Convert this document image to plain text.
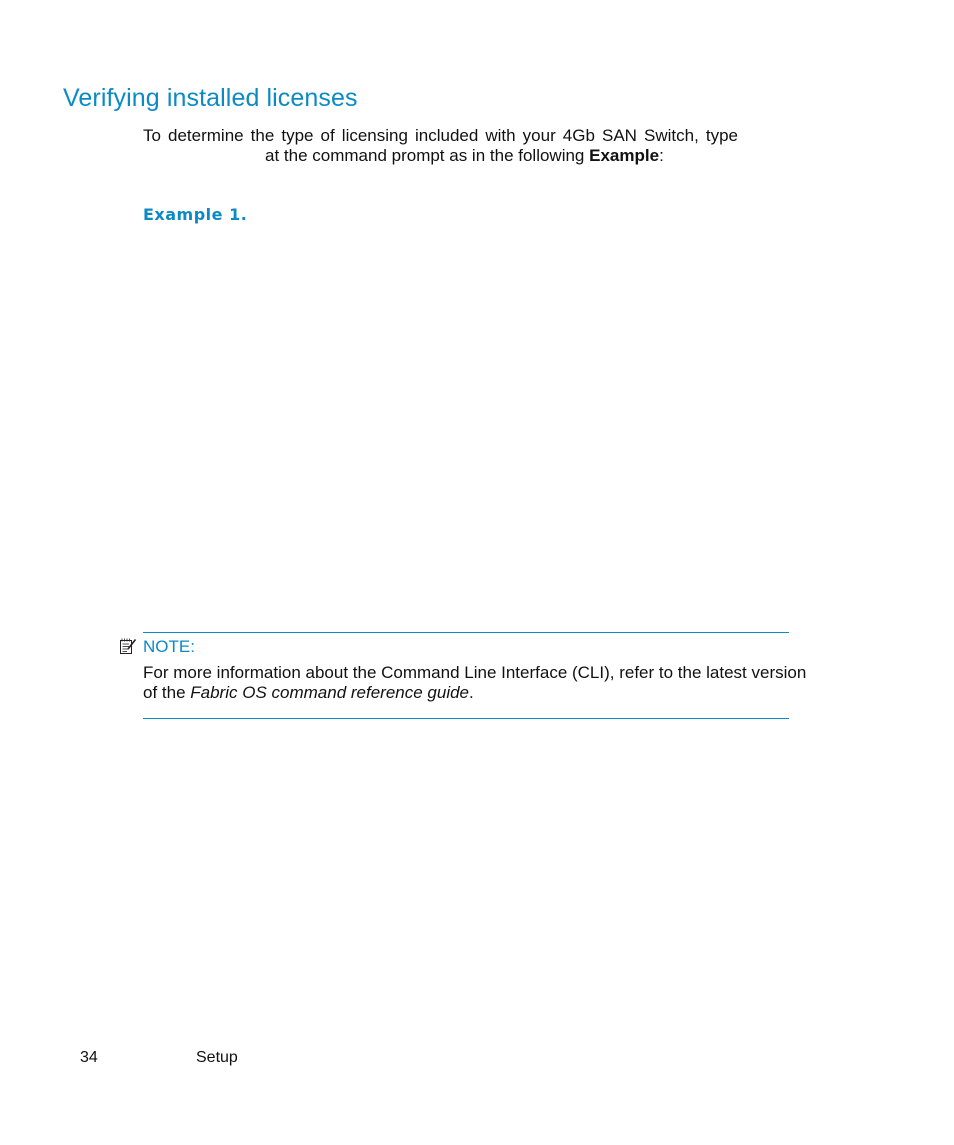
Verifying installed licenses
To determine the type of licensing included with your 4Gb SAN Switch, type
at the command prompt as in the following Example:
Example 1.
NOTE:
For more information about the Command Line Interface (CLI), refer to the latest version
of the Fabric OS command reference guide.
34	Setup
